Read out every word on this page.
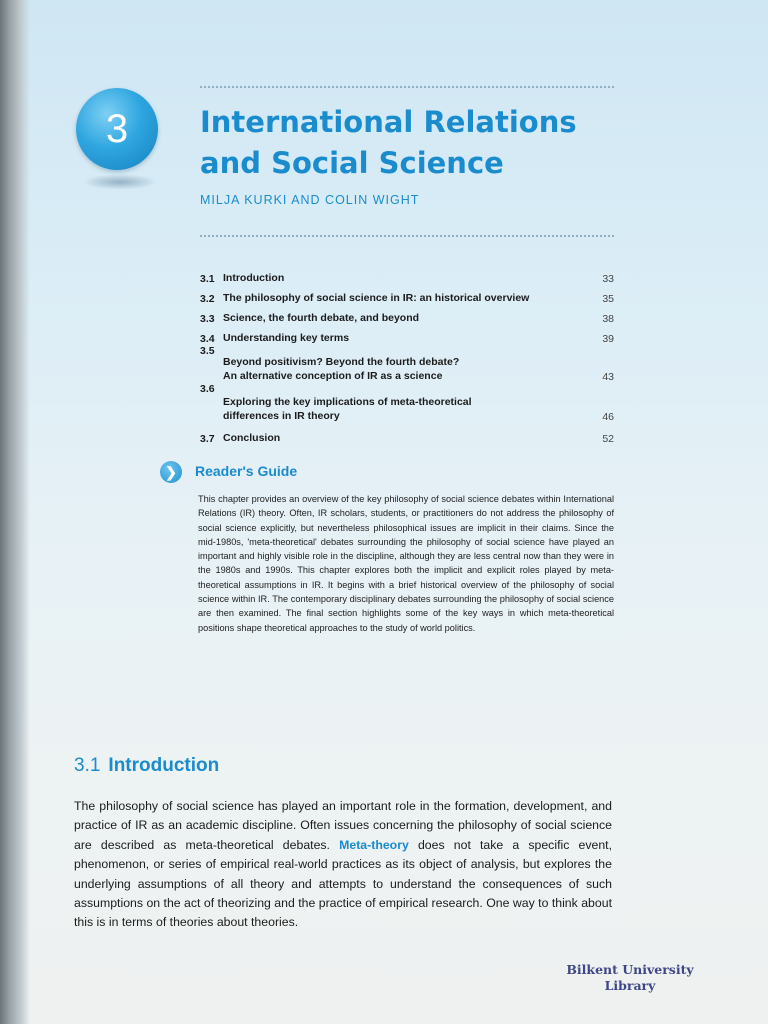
3	International Relations and Social Science
MILJA KURKI AND COLIN WIGHT
3.1 Introduction	33
3.2 The philosophy of social science in IR: an historical overview	35
3.3 Science, the fourth debate, and beyond	38
3.4 Understanding key terms	39
3.5
Beyond positivism? Beyond the fourth debate?
An alternative conception of IR as a science	43
3.6
Exploring the key implications of meta-theoretical
differences in IR theory	46
3.7 Conclusion	52
❯	Reader's Guide

This chapter provides an overview of the key philosophy of social science debates within International Relations (IR) theory. Often, IR scholars, students, or practitioners do not address the philosophy of social science explicitly, but nevertheless philosophical issues are implicit in their claims. Since the mid-1980s, 'meta-theoretical' debates surrounding the philosophy of social science have played an important and highly visible role in the discipline, although they are less central now than they were in the 1980s and 1990s. This chapter explores both the implicit and explicit roles played by meta-theoretical assumptions in IR. It begins with a brief historical overview of the philosophy of social science within IR. The contemporary disciplinary debates surrounding the philosophy of social science are then examined. The final section highlights some of the key ways in which meta-theoretical positions shape theoretical approaches to the study of world politics.

3.1 Introduction

The philosophy of social science has played an important role in the formation, development, and practice of IR as an academic discipline. Often issues concerning the philosophy of social science are described as meta-theoretical debates. Meta-theory does not take a specific event, phenomenon, or series of empirical real-world practices as its object of analysis, but explores the underlying assumptions of all theory and attempts to understand the consequences of such assumptions on the act of theorizing and the practice of empirical research. One way to think about this is in terms of theories about theories.

Bilkent University
Library
